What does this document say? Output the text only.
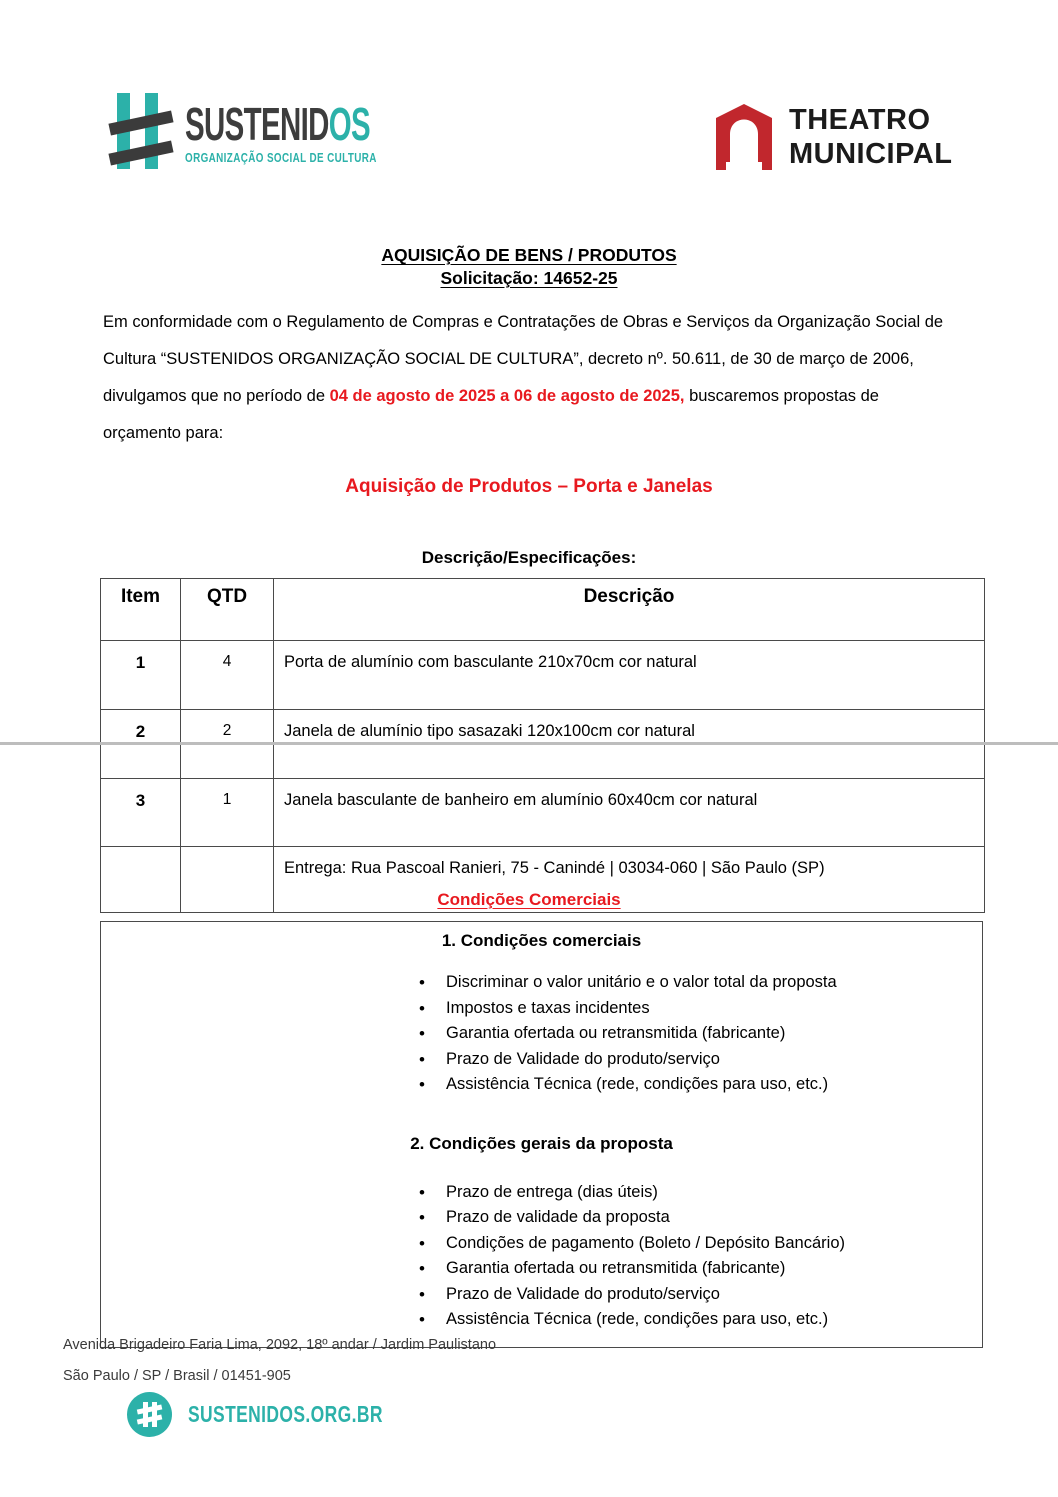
SUSTENIDOS
ORGANIZAÇÃO SOCIAL DE CULTURA
THEATRO
MUNICIPAL
AQUISIÇÃO DE BENS / PRODUTOS
Solicitação: 14652-25

Em conformidade com o Regulamento de Compras e Contratações de Obras e Serviços da Organização Social de Cultura “SUSTENIDOS ORGANIZAÇÃO SOCIAL DE CULTURA”, decreto nº. 50.611, de 30 de março de 2006, divulgamos que no período de 04 de agosto de 2025 a 06 de agosto de 2025, buscaremos propostas de orçamento para:

Aquisição de Produtos – Porta e Janelas
Descrição/Especificações:
Item	QTD	Descrição
1	4	Porta de alumínio com basculante 210x70cm cor natural
2	2	Janela de alumínio tipo sasazaki 120x100cm cor natural
3	1	Janela basculante de banheiro em alumínio 60x40cm cor natural
		Entrega: Rua Pascoal Ranieri, 75 - Canindé | 03034-060 | São Paulo (SP)
Condições Comerciais
1. Condições comerciais
• Discriminar o valor unitário e o valor total da proposta
• Impostos e taxas incidentes
• Garantia ofertada ou retransmitida (fabricante)
• Prazo de Validade do produto/serviço
• Assistência Técnica (rede, condições para uso, etc.)
2. Condições gerais da proposta
• Prazo de entrega (dias úteis)
• Prazo de validade da proposta
• Condições de pagamento (Boleto / Depósito Bancário)
• Garantia ofertada ou retransmitida (fabricante)
• Prazo de Validade do produto/serviço
• Assistência Técnica (rede, condições para uso, etc.)
Avenida Brigadeiro Faria Lima, 2092, 18º andar / Jardim Paulistano
São Paulo / SP / Brasil / 01451-905
SUSTENIDOS.ORG.BR
